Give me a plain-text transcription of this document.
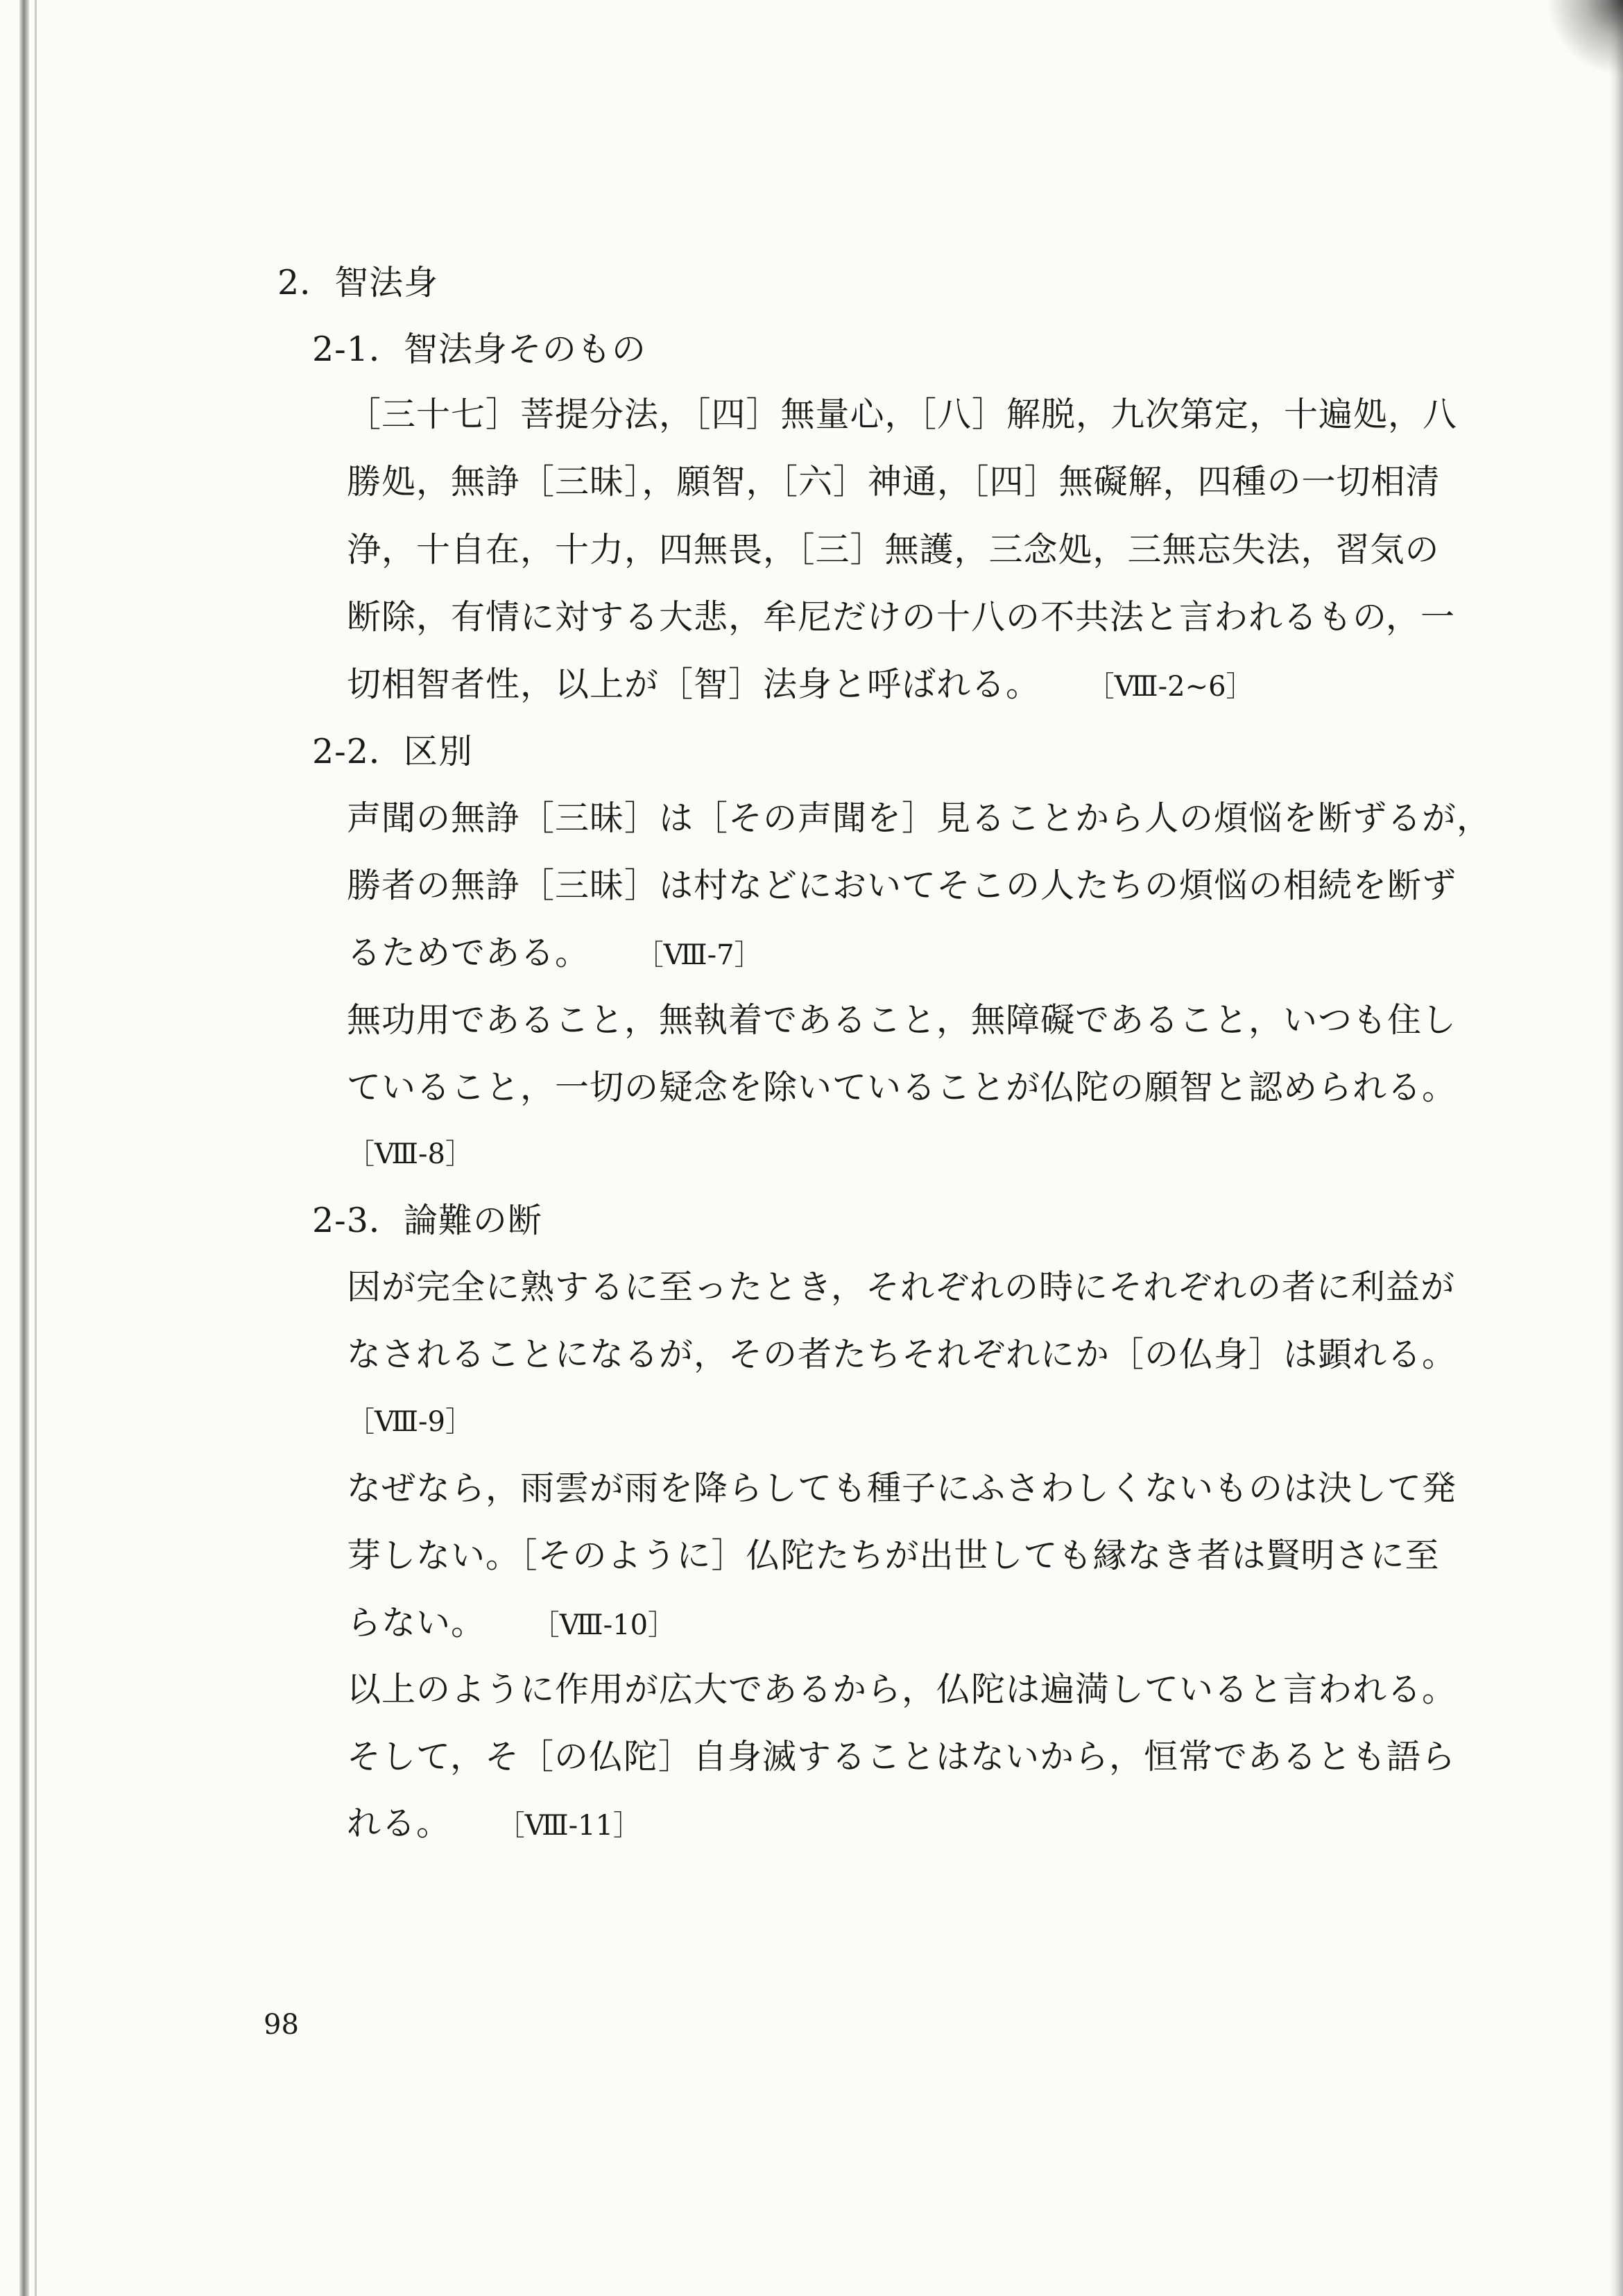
2．智法身
2-1．智法身そのもの
［三十七］菩提分法，［四］無量心，［八］解脱，九次第定，十遍処，八
勝処，無諍［三昧］，願智，［六］神通，［四］無礙解，四種の一切相清
浄，十自在，十力，四無畏，［三］無護，三念処，三無忘失法，習気の
断除，有情に対する大悲，牟尼だけの十八の不共法と言われるもの，一
切相智者性，以上が［智］法身と呼ばれる。 ［Ⅷ-2~6］
2-2．区別
声聞の無諍［三昧］は［その声聞を］見ることから人の煩悩を断ずるが，
勝者の無諍［三昧］は村などにおいてそこの人たちの煩悩の相続を断ず
るためである。 ［Ⅷ-7］
無功用であること，無執着であること，無障礙であること，いつも住し
ていること，一切の疑念を除いていることが仏陀の願智と認められる。
［Ⅷ-8］
2-3．論難の断
因が完全に熟するに至ったとき，それぞれの時にそれぞれの者に利益が
なされることになるが，その者たちそれぞれにか［の仏身］は顕れる。
［Ⅷ-9］
なぜなら，雨雲が雨を降らしても種子にふさわしくないものは決して発
芽しない。［そのように］仏陀たちが出世しても縁なき者は賢明さに至
らない。 ［Ⅷ-10］
以上のように作用が広大であるから，仏陀は遍満していると言われる。
そして，そ［の仏陀］自身滅することはないから，恒常であるとも語ら
れる。 ［Ⅷ-11］
98
